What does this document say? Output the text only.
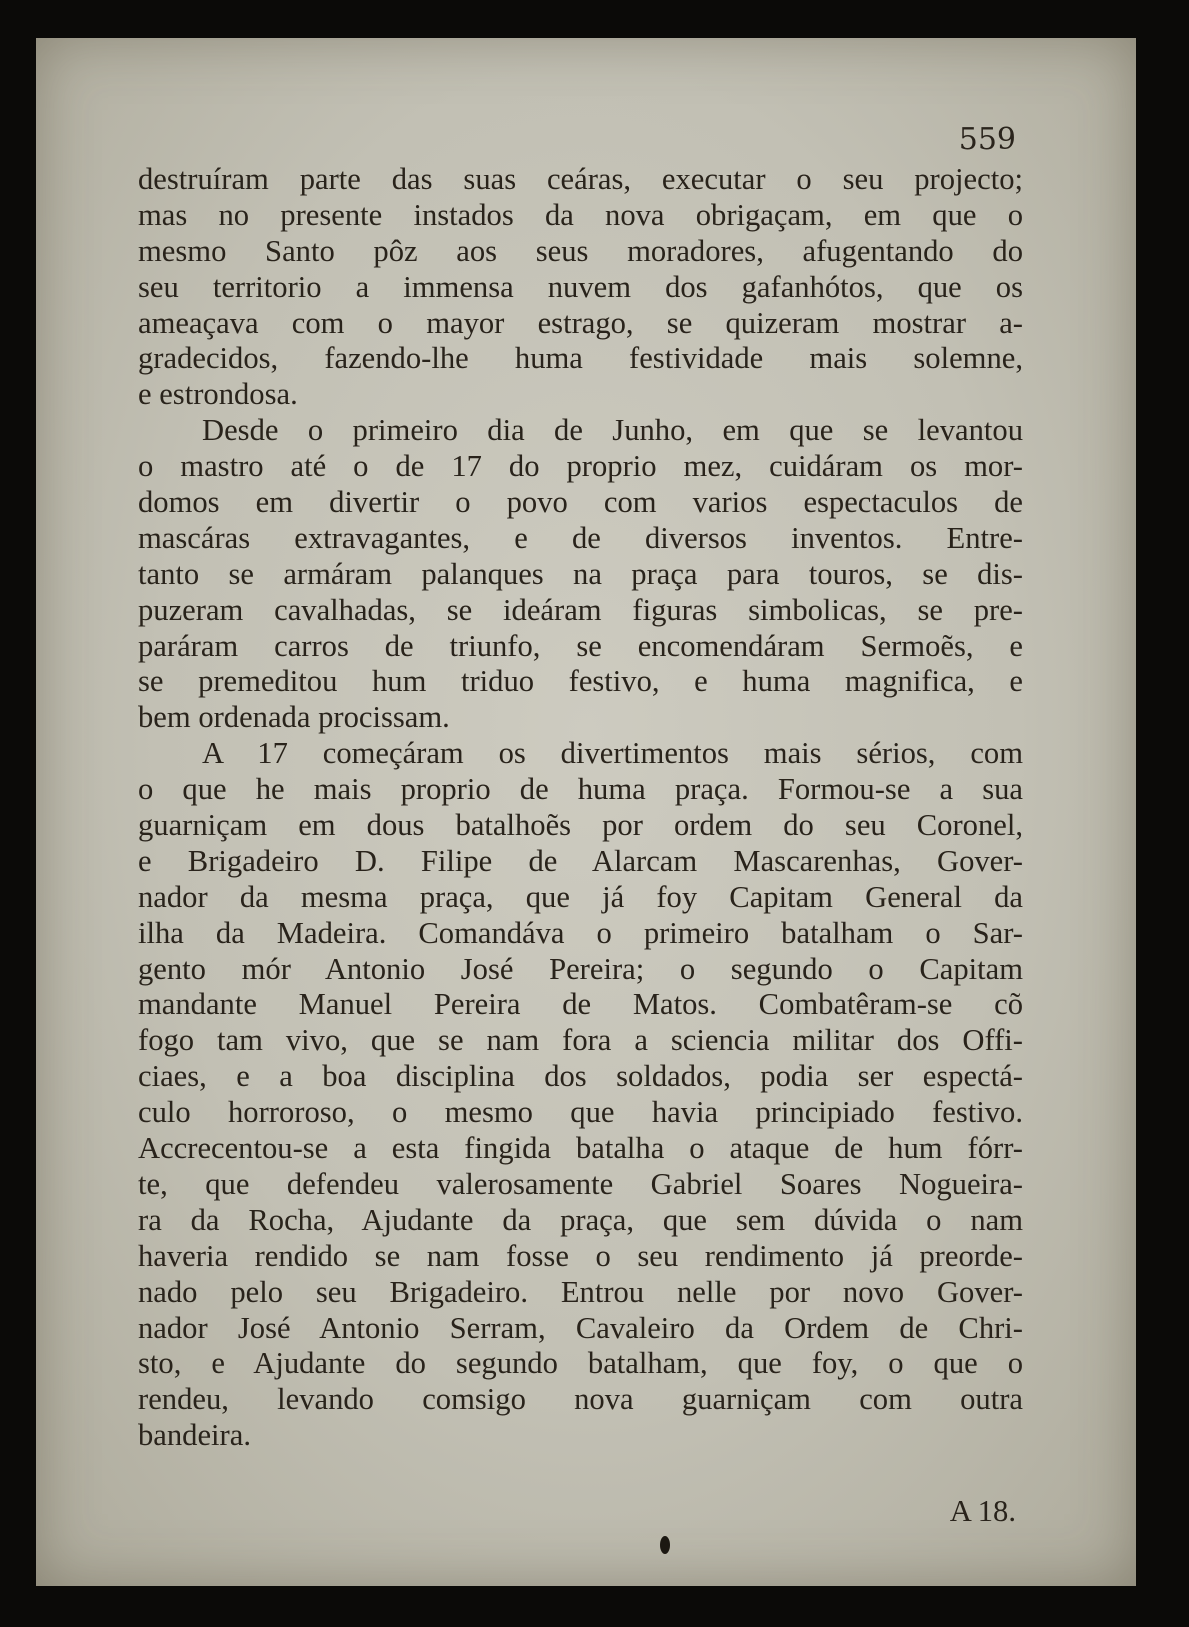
559
destruíram parte das suas ceáras, executar o seu projecto;
mas no presente instados da nova obrigaçam, em que o
mesmo Santo pôz aos seus moradores, afugentando do
seu territorio a immensa nuvem dos gafanhótos, que os
ameaçava com o mayor estrago, se quizeram mostrar a-
gradecidos, fazendo-lhe huma festividade mais solemne,
e estrondosa.
Desde o primeiro dia de Junho, em que se levantou
o mastro até o de 17 do proprio mez, cuidáram os mor-
domos em divertir o povo com varios espectaculos de
mascáras extravagantes, e de diversos inventos. Entre-
tanto se armáram palanques na praça para touros, se dis-
puzeram cavalhadas, se ideáram figuras simbolicas, se pre-
paráram carros de triunfo, se encomendáram Sermoẽs, e
se premeditou hum triduo festivo, e huma magnifica, e
bem ordenada procissam.
A 17 começáram os divertimentos mais sérios, com
o que he mais proprio de huma praça. Formou-se a sua
guarniçam em dous batalhoẽs por ordem do seu Coronel,
e Brigadeiro D. Filipe de Alarcam Mascarenhas, Gover-
nador da mesma praça, que já foy Capitam General da
ilha da Madeira. Comandáva o primeiro batalham o Sar-
gento mór Antonio José Pereira; o segundo o Capitam
mandante Manuel Pereira de Matos. Combatêram-se cõ
fogo tam vivo, que se nam fora a sciencia militar dos Offi-
ciaes, e a boa disciplina dos soldados, podia ser espectá-
culo horroroso, o mesmo que havia principiado festivo.
Accrecentou-se a esta fingida batalha o ataque de hum fórr-
te, que defendeu valerosamente Gabriel Soares Nogueira-
ra da Rocha, Ajudante da praça, que sem dúvida o nam
haveria rendido se nam fosse o seu rendimento já preorde-
nado pelo seu Brigadeiro. Entrou nelle por novo Gover-
nador José Antonio Serram, Cavaleiro da Ordem de Chri-
sto, e Ajudante do segundo batalham, que foy, o que o
rendeu, levando comsigo nova guarniçam com outra
bandeira.
A 18.
